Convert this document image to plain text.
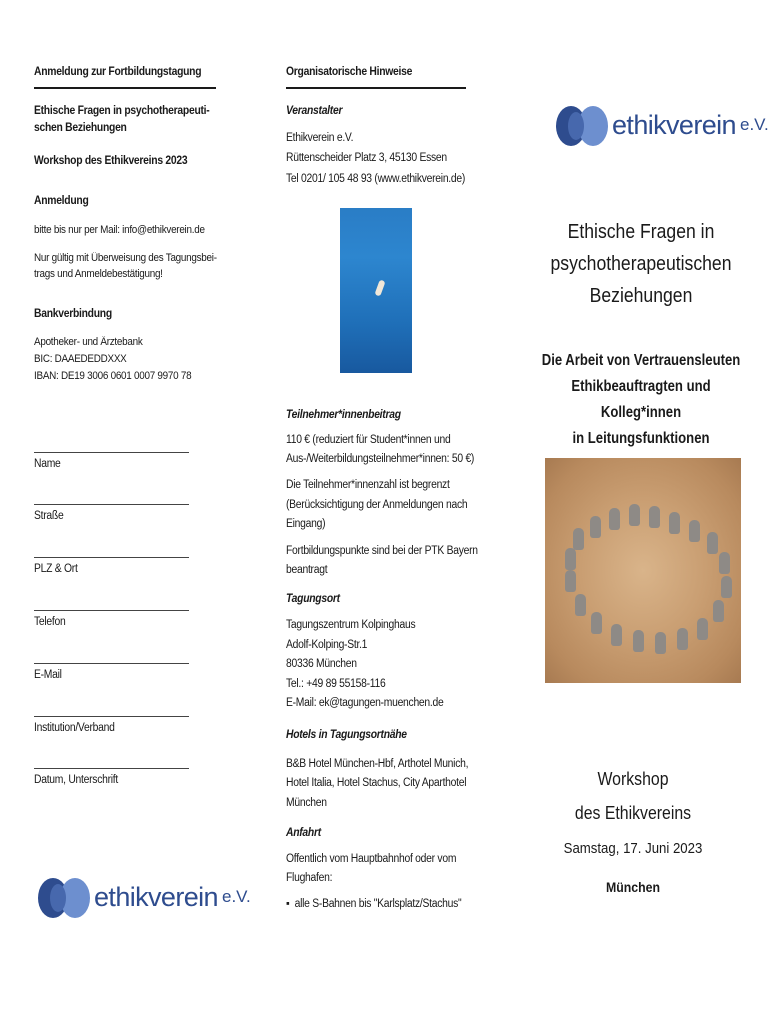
Anmeldung zur Fortbildungstagung
Ethische Fragen in psychotherapeuti-
schen Beziehungen
Workshop des Ethikvereins 2023
Anmeldung
bitte bis nur per Mail: info@ethikverein.de
Nur gültig mit Überweisung des Tagungsbei-
trags und Anmeldebestätigung!
Bankverbindung
Apotheker- und Ärztebank
BIC: DAAEDEDDXXX
IBAN: DE19 3006 0601 0007 9970 78
Name
Straße
PLZ & Ort
Telefon
E-Mail
Institution/Verband
Datum, Unterschrift
ethikverein e.V.
Organisatorische Hinweise
Veranstalter
Ethikverein e.V.
Rüttenscheider Platz 3, 45130 Essen
Tel 0201/ 105 48 93 (www.ethikverein.de)
Teilnehmer*innenbeitrag
110 € (reduziert für Student*innen und
Aus-/Weiterbildungsteilnehmer*innen: 50 €)
Die Teilnehmer*innenzahl ist begrenzt
(Berücksichtigung der Anmeldungen nach
Eingang)
Fortbildungspunkte sind bei der PTK Bayern
beantragt
Tagungsort
Tagungszentrum Kolpinghaus
Adolf-Kolping-Str.1
80336 München
Tel.: +49 89 55158-116
E-Mail: ek@tagungen-muenchen.de
Hotels in Tagungsortnähe
B&B Hotel München-Hbf, Arthotel Munich,
Hotel Italia, Hotel Stachus, City Aparthotel
München
Anfahrt
Öffentlich vom Hauptbahnhof oder vom
Flughafen:
▪  alle S-Bahnen bis "Karlsplatz/Stachus"
ethikverein e.V.
Ethische Fragen in
psychotherapeutischen
Beziehungen
Die Arbeit von Vertrauensleuten
Ethikbeauftragten und Kolleg*innen
in Leitungsfunktionen
Workshop
des Ethikvereins
Samstag, 17. Juni 2023
München
